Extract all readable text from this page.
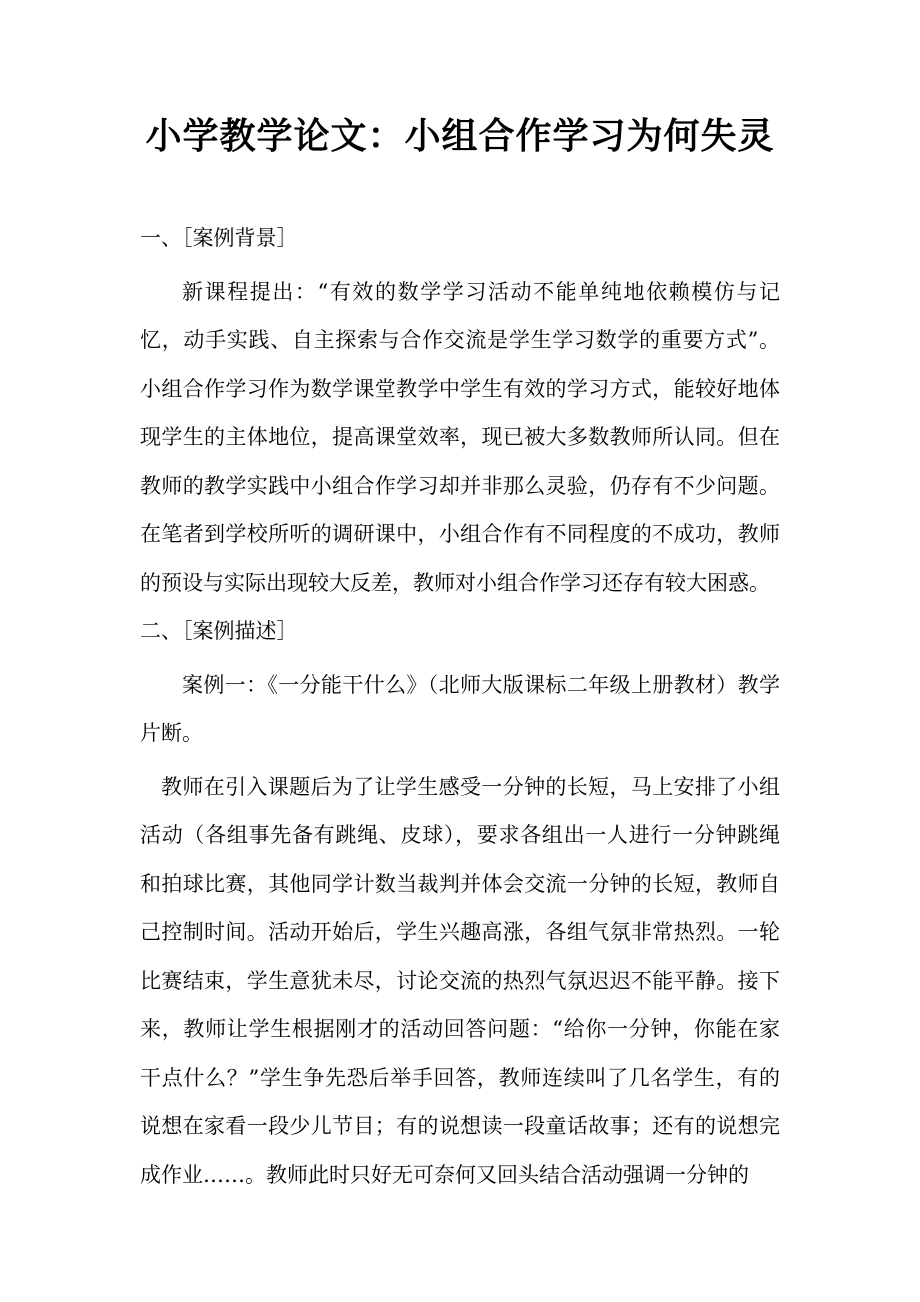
小学教学论文：小组合作学习为何失灵

一、［案例背景］

新课程提出：“有效的数学学习活动不能单纯地依赖模仿与记忆，动手实践、自主探索与合作交流是学生学习数学的重要方式”。小组合作学习作为数学课堂教学中学生有效的学习方式，能较好地体现学生的主体地位，提高课堂效率，现已被大多数教师所认同。但在教师的教学实践中小组合作学习却并非那么灵验，仍存有不少问题。在笔者到学校所听的调研课中，小组合作有不同程度的不成功，教师的预设与实际出现较大反差，教师对小组合作学习还存有较大困惑。

二、［案例描述］

案例一：《一分能干什么》（北师大版课标二年级上册教材）教学片断。

教师在引入课题后为了让学生感受一分钟的长短，马上安排了小组活动（各组事先备有跳绳、皮球），要求各组出一人进行一分钟跳绳和拍球比赛，其他同学计数当裁判并体会交流一分钟的长短，教师自己控制时间。活动开始后，学生兴趣高涨，各组气氛非常热烈。一轮比赛结束，学生意犹未尽，讨论交流的热烈气氛迟迟不能平静。接下来，教师让学生根据刚才的活动回答问题：“给你一分钟，你能在家干点什么？”学生争先恐后举手回答，教师连续叫了几名学生，有的说想在家看一段少儿节目；有的说想读一段童话故事；还有的说想完成作业……。教师此时只好无可奈何又回头结合活动强调一分钟的
